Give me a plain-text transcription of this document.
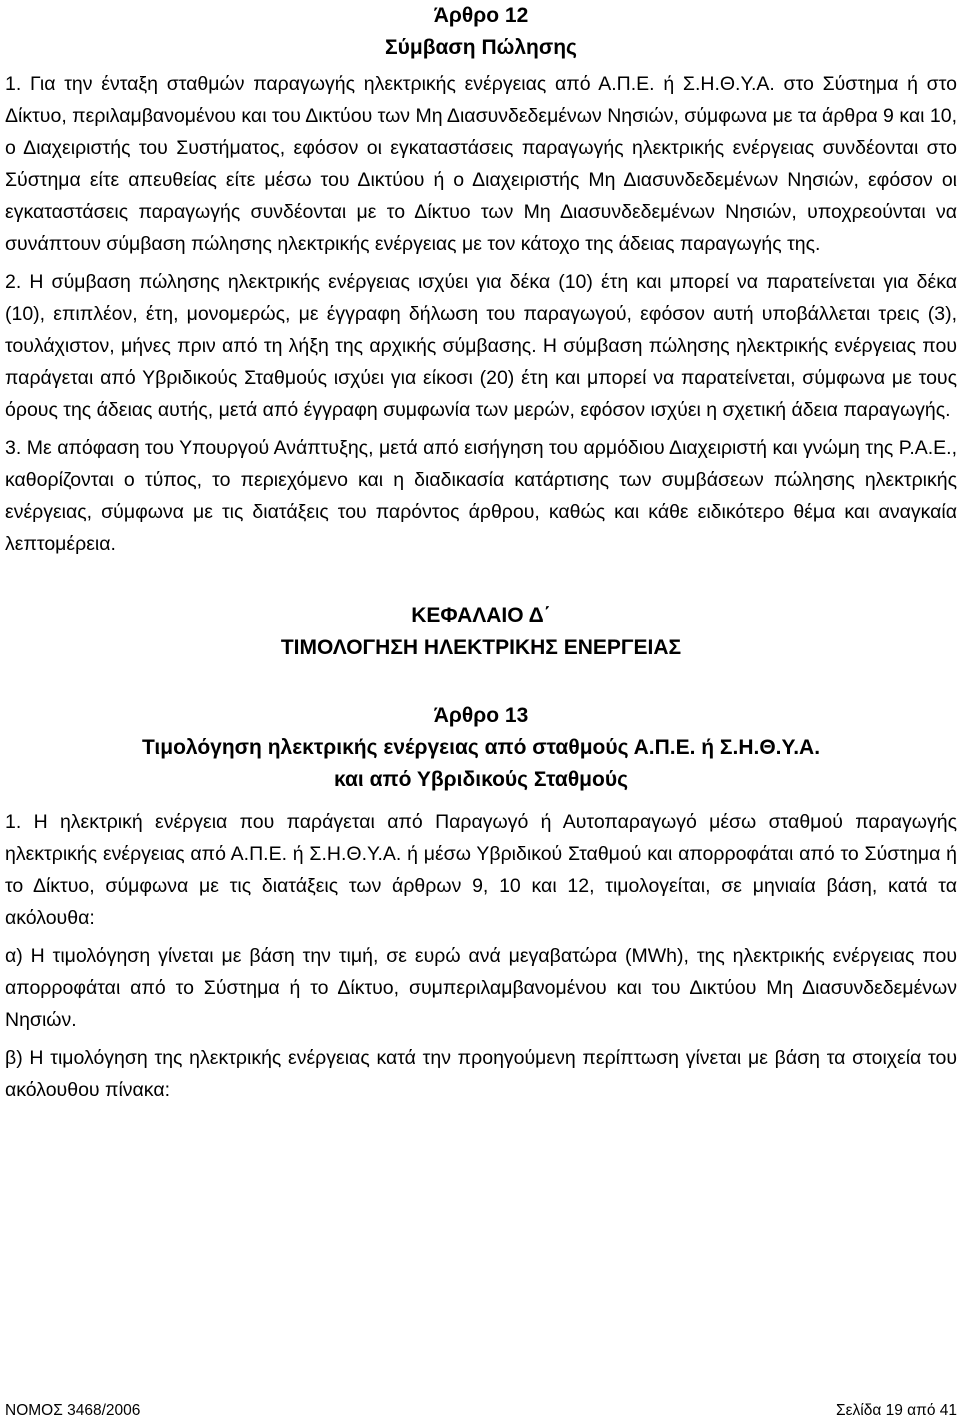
Άρθρο 12
Σύμβαση Πώλησης

1. Για την ένταξη σταθμών παραγωγής ηλεκτρικής ενέργειας από Α.Π.Ε. ή Σ.Η.Θ.Υ.Α. στο Σύστημα ή στο Δίκτυο, περιλαμβανομένου και του Δικτύου των Μη Διασυνδεδεμένων Νησιών, σύμφωνα με τα άρθρα 9 και 10, ο Διαχειριστής του Συστήματος, εφόσον οι εγκαταστάσεις παραγωγής ηλεκτρικής ενέργειας συνδέονται στο Σύστημα είτε απευθείας είτε μέσω του Δικτύου ή ο Διαχειριστής Μη Διασυνδεδεμένων Νησιών, εφόσον οι εγκαταστάσεις παραγωγής συνδέονται με το Δίκτυο των Μη Διασυνδεδεμένων Νησιών, υποχρεούνται να συνάπτουν σύμβαση πώλησης ηλεκτρικής ενέργειας με τον κάτοχο της άδειας παραγωγής της.

2. Η σύμβαση πώλησης ηλεκτρικής ενέργειας ισχύει για δέκα (10) έτη και μπορεί να παρατείνεται για δέκα (10), επιπλέον, έτη, μονομερώς, με έγγραφη δήλωση του παραγωγού, εφόσον αυτή υποβάλλεται τρεις (3), τουλάχιστον, μήνες πριν από τη λήξη της αρχικής σύμβασης. Η σύμβαση πώλησης ηλεκτρικής ενέργειας που παράγεται από Υβριδικούς Σταθμούς ισχύει για είκοσι (20) έτη και μπορεί να παρατείνεται, σύμφωνα με τους όρους της άδειας αυτής, μετά από έγγραφη συμφωνία των μερών, εφόσον ισχύει η σχετική άδεια παραγωγής.

3. Με απόφαση του Υπουργού Ανάπτυξης, μετά από εισήγηση του αρμόδιου Διαχειριστή και γνώμη της Ρ.Α.Ε., καθορίζονται ο τύπος, το περιεχόμενο και η διαδικασία κατάρτισης των συμβάσεων πώλησης ηλεκτρικής ενέργειας, σύμφωνα με τις διατάξεις του παρόντος άρθρου, καθώς και κάθε ειδικότερο θέμα και αναγκαία λεπτομέρεια.

ΚΕΦΑΛΑΙΟ Δ΄
ΤΙΜΟΛΟΓΗΣΗ ΗΛΕΚΤΡΙΚΗΣ ΕΝΕΡΓΕΙΑΣ
Άρθρο 13
Τιμολόγηση ηλεκτρικής ενέργειας από σταθμούς Α.Π.Ε. ή Σ.Η.Θ.Υ.Α.
και από Υβριδικούς Σταθμούς

1. Η ηλεκτρική ενέργεια που παράγεται από Παραγωγό ή Αυτοπαραγωγό μέσω σταθμού παραγωγής ηλεκτρικής ενέργειας από Α.Π.Ε. ή Σ.Η.Θ.Υ.Α. ή μέσω Υβριδικού Σταθμού και απορροφάται από το Σύστημα ή το Δίκτυο, σύμφωνα με τις διατάξεις των άρθρων 9, 10 και 12, τιμολογείται, σε μηνιαία βάση, κατά τα ακόλουθα:

α) Η τιμολόγηση γίνεται με βάση την τιμή, σε ευρώ ανά μεγαβατώρα (MWh), της ηλεκτρικής ενέργειας που απορροφάται από το Σύστημα ή το Δίκτυο, συμπεριλαμβανομένου και του Δικτύου Μη Διασυνδεδεμένων Νησιών.

β) Η τιμολόγηση της ηλεκτρικής ενέργειας κατά την προηγούμενη περίπτωση γίνεται με βάση τα στοιχεία του ακόλουθου πίνακα:

ΝΟΜΟΣ 3468/2006	Σελίδα 19 από 41
